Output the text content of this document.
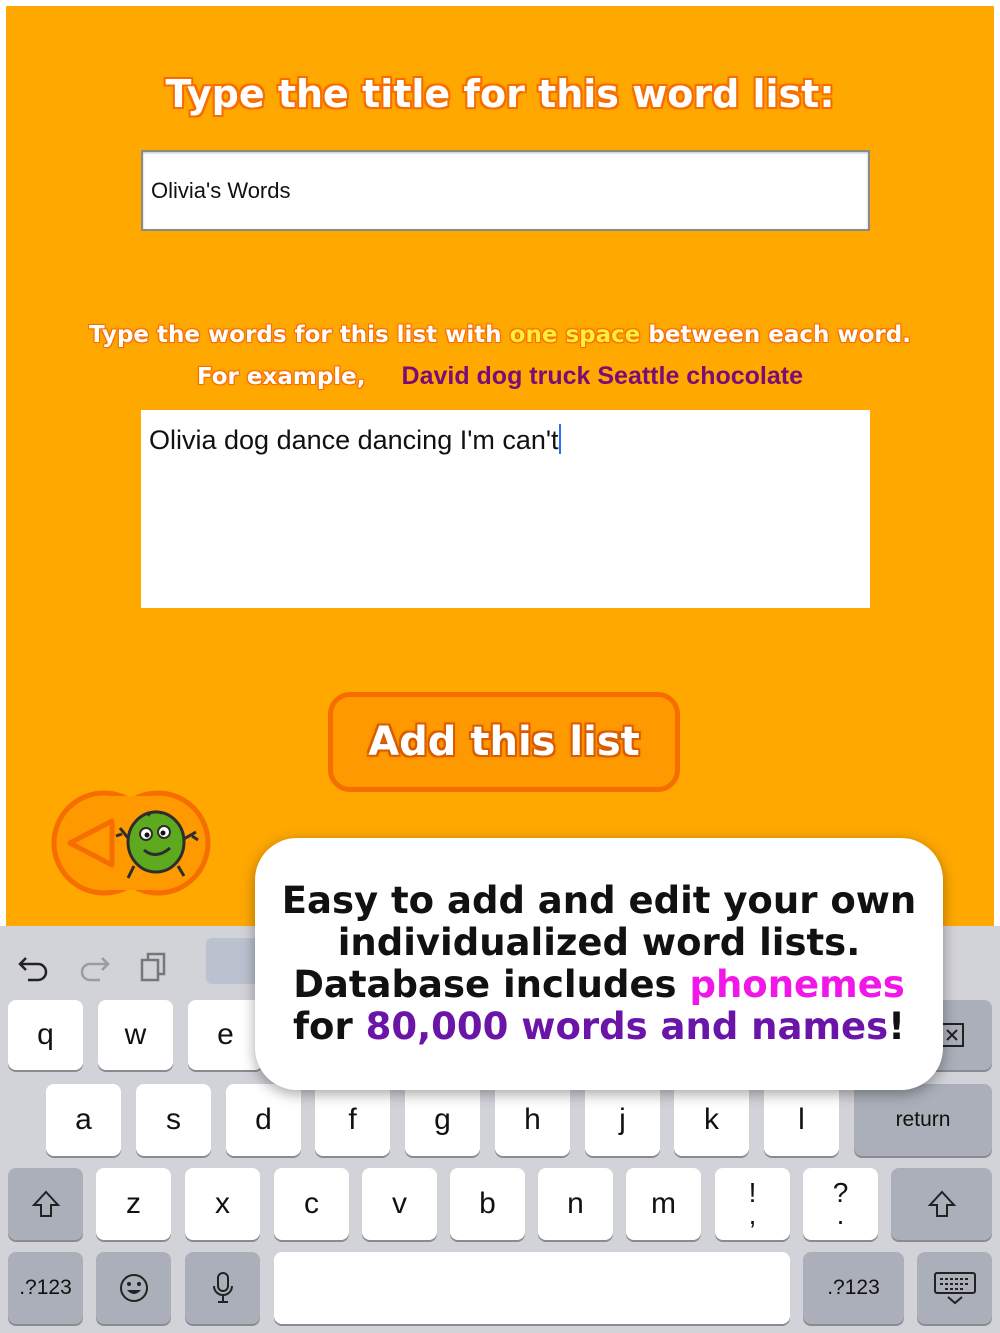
Type the title for this word list:
Olivia's Words
Type the words for this list with one space between each word.
For example, David dog truck Seattle chocolate
Olivia dog dance dancing I'm can't
Add this list
q	w	e
a	s	d	f	g	h	j	k	l	return
z	x	c	v	b	n	m	!
,
?
.
.?123	.?123
Easy to add and edit your own
individualized word lists.
Database includes phonemes
for 80,000 words and names!
